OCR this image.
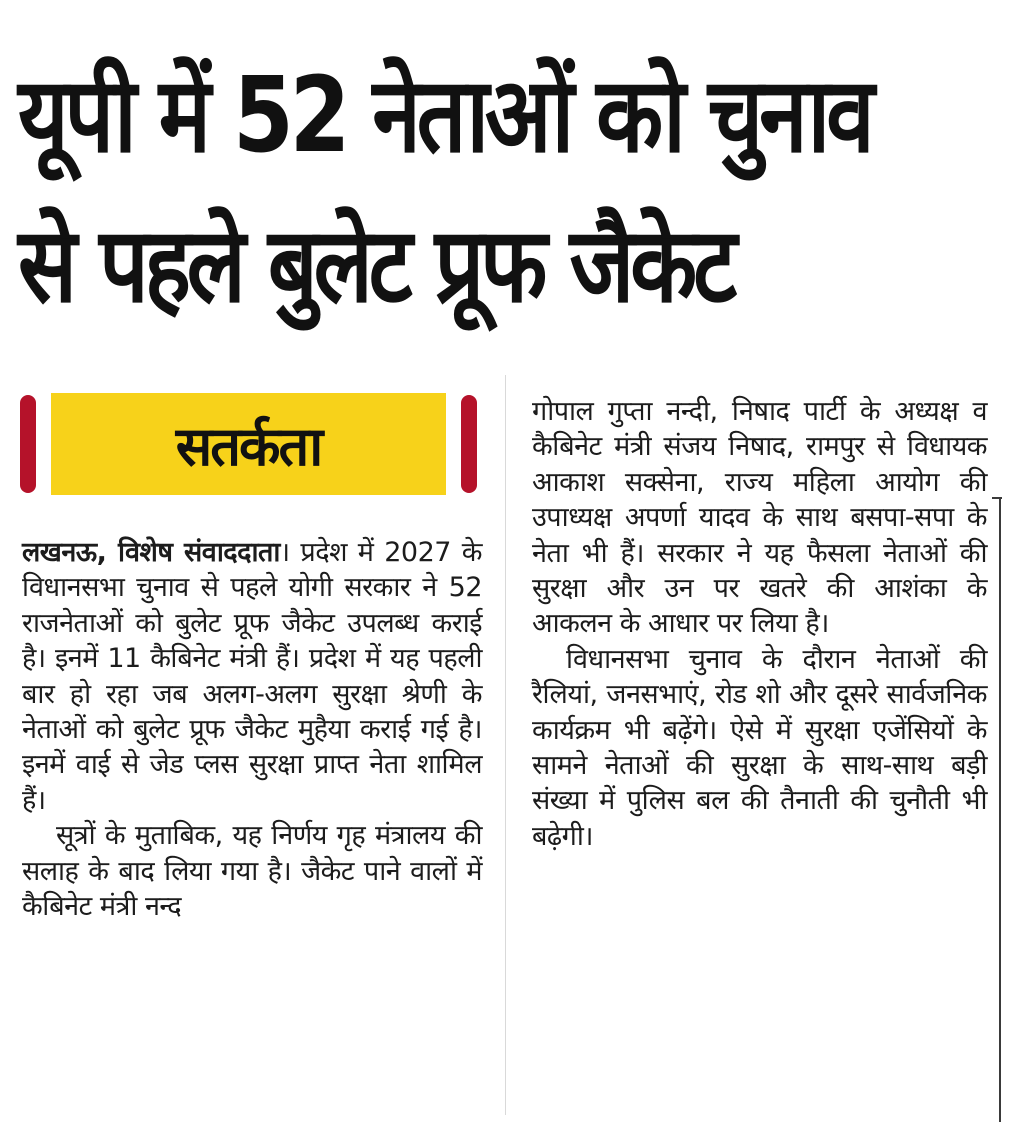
यूपी में 52 नेताओं को चुनाव
से पहले बुलेट प्रूफ जैकेट
सतर्कता

लखनऊ, विशेष संवाददाता। प्रदेश में 2027 के विधानसभा चुनाव से पहले योगी सरकार ने 52 राजनेताओं को बुलेट प्रूफ जैकेट उपलब्ध कराई है। इनमें 11 कैबिनेट मंत्री हैं। प्रदेश में यह पहली बार हो रहा जब अलग-अलग सुरक्षा श्रेणी के नेताओं को बुलेट प्रूफ जैकेट मुहैया कराई गई है। इनमें वाई से जेड प्लस सुरक्षा प्राप्त नेता शामिल हैं।

सूत्रों के मुताबिक, यह निर्णय गृह मंत्रालय की सलाह के बाद लिया गया है। जैकेट पाने वालों में कैबिनेट मंत्री नन्द

गोपाल गुप्ता नन्दी, निषाद पार्टी के अध्यक्ष व कैबिनेट मंत्री संजय निषाद, रामपुर से विधायक आकाश सक्सेना, राज्य महिला आयोग की उपाध्यक्ष अपर्णा यादव के साथ बसपा-सपा के नेता भी हैं। सरकार ने यह फैसला नेताओं की सुरक्षा और उन पर खतरे की आशंका के आकलन के आधार पर लिया है।

विधानसभा चुनाव के दौरान नेताओं की रैलियां, जनसभाएं, रोड शो और दूसरे सार्वजनिक कार्यक्रम भी बढ़ेंगे। ऐसे में सुरक्षा एजेंसियों के सामने नेताओं की सुरक्षा के साथ-साथ बड़ी संख्या में पुलिस बल की तैनाती की चुनौती भी बढ़ेगी।
